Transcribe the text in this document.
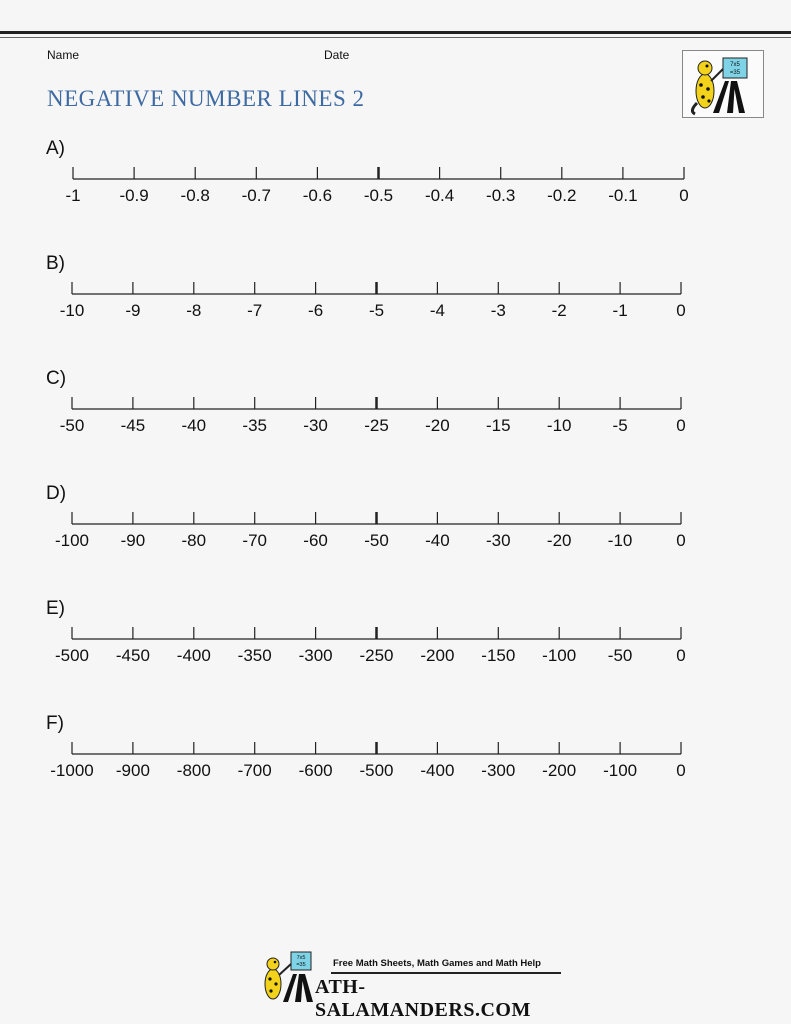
Name	Date
NEGATIVE NUMBER LINES 2
7x5
=35
A)
-1 -0.9 -0.8 -0.7 -0.6 -0.5 -0.4 -0.3 -0.2 -0.1 0
B)
-10 -9	-8	-7	-6	-5	-4	-3	-2	-1	0
C)
-50 -45 -40 -35 -30 -25 -20 -15 -10 -5	0
D)
-100 -90 -80 -70 -60 -50 -40 -30 -20 -10	0
E)
-500 -450 -400 -350 -300 -250 -200 -150 -100 -50	0
F)
-1000 -900 -800 -700 -600 -500 -400 -300 -200 -100 0
7x5
=35	Free Math Sheets, Math Games and Math Help
ATH-SALAMANDERS.COM
